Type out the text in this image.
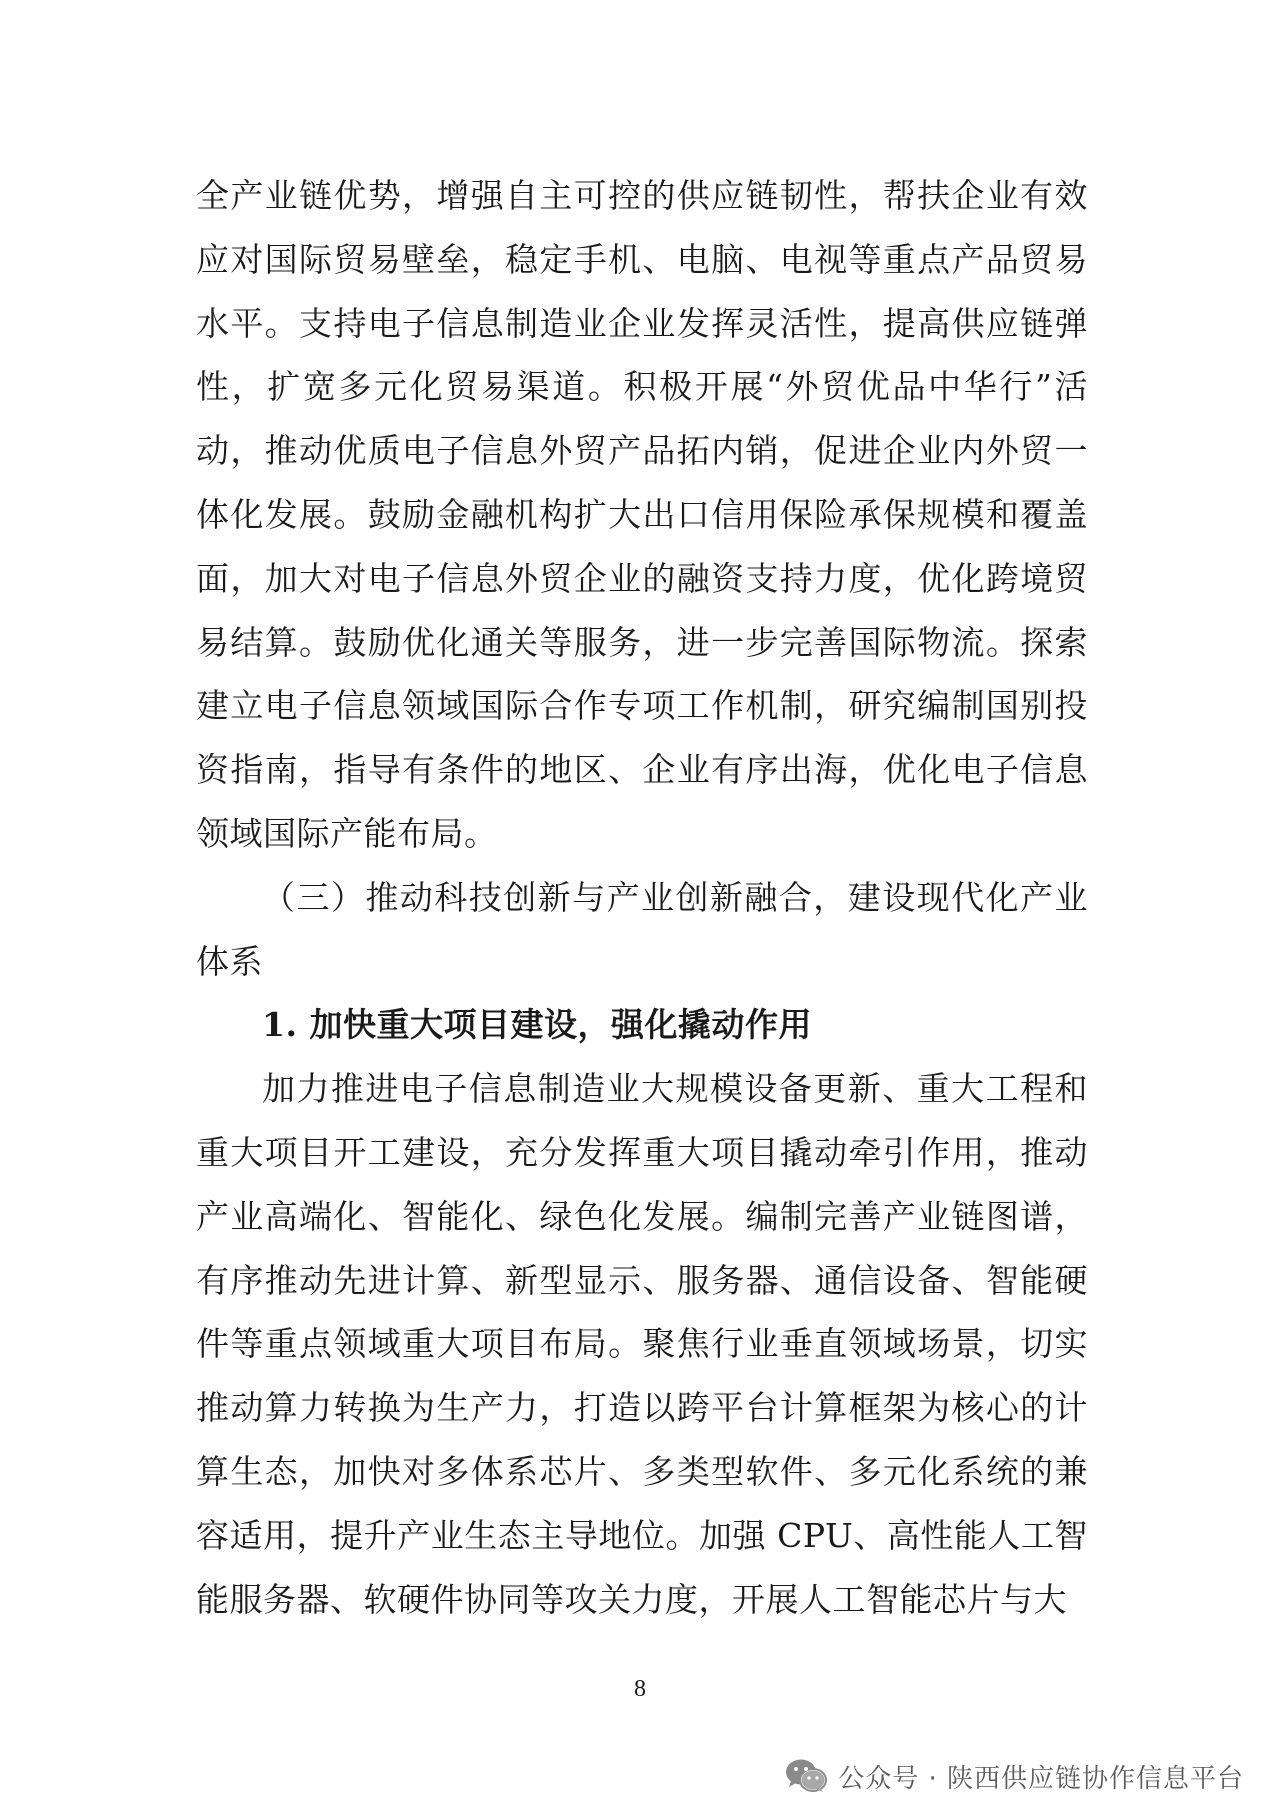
全产业链优势，增强自主可控的供应链韧性，帮扶企业有效应对国际贸易壁垒，稳定手机、电脑、电视等重点产品贸易水平。支持电子信息制造业企业发挥灵活性，提高供应链弹性，扩宽多元化贸易渠道。积极开展“外贸优品中华行”活动，推动优质电子信息外贸产品拓内销，促进企业内外贸一体化发展。鼓励金融机构扩大出口信用保险承保规模和覆盖面，加大对电子信息外贸企业的融资支持力度，优化跨境贸易结算。鼓励优化通关等服务，进一步完善国际物流。探索建立电子信息领域国际合作专项工作机制，研究编制国别投资指南，指导有条件的地区、企业有序出海，优化电子信息领域国际产能布局。

（三）推动科技创新与产业创新融合，建设现代化产业体系

1. 加快重大项目建设，强化撬动作用

加力推进电子信息制造业大规模设备更新、重大工程和重大项目开工建设，充分发挥重大项目撬动牵引作用，推动产业高端化、智能化、绿色化发展。编制完善产业链图谱，有序推动先进计算、新型显示、服务器、通信设备、智能硬件等重点领域重大项目布局。聚焦行业垂直领域场景，切实推动算力转换为生产力，打造以跨平台计算框架为核心的计算生态，加快对多体系芯片、多类型软件、多元化系统的兼容适用，提升产业生态主导地位。加强 CPU、高性能人工智能服务器、软硬件协同等攻关力度，开展人工智能芯片与大

8
公众号 · 陕西供应链协作信息平台
